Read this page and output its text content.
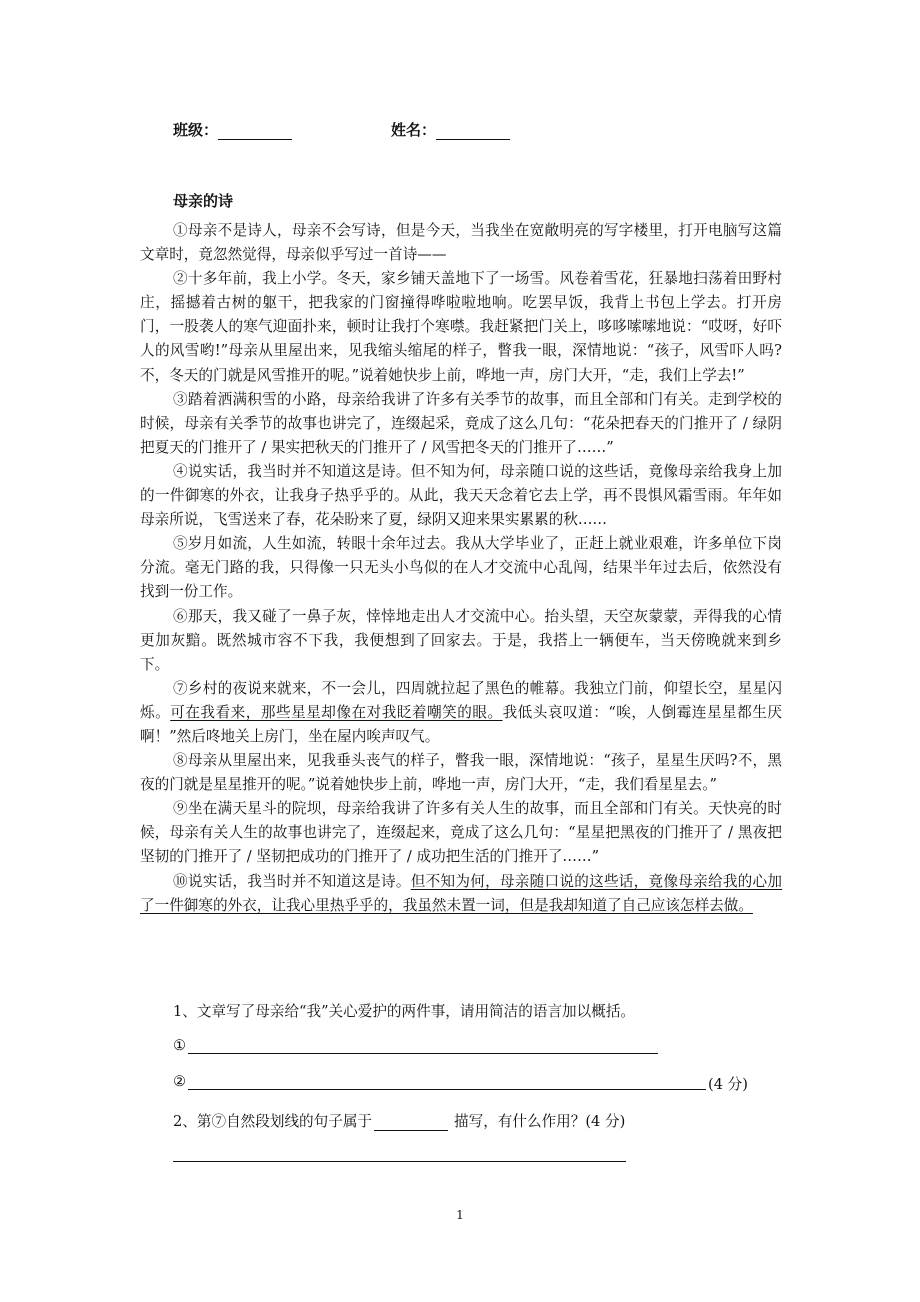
班级：	姓名：
母亲的诗

①母亲不是诗人，母亲不会写诗，但是今天，当我坐在宽敞明亮的写字楼里，打开电脑写这篇文章时，竟忽然觉得，母亲似乎写过一首诗——

②十多年前，我上小学。冬天，家乡铺天盖地下了一场雪。风卷着雪花，狂暴地扫荡着田野村庄，摇撼着古树的躯干，把我家的门窗撞得哗啦啦地响。吃罢早饭，我背上书包上学去。打开房门，一股袭人的寒气迎面扑来，顿时让我打个寒噤。我赶紧把门关上，哆哆嗦嗦地说：“哎呀，好吓人的风雪哟!”母亲从里屋出来，见我缩头缩尾的样子，瞥我一眼，深情地说：“孩子，风雪吓人吗?不，冬天的门就是风雪推开的呢。”说着她快步上前，哗地一声，房门大开，“走，我们上学去!”

③踏着洒满积雪的小路，母亲给我讲了许多有关季节的故事，而且全部和门有关。走到学校的时候，母亲有关季节的故事也讲完了，连缀起采，竟成了这么几句：“花朵把春天的门推开了 / 绿阴把夏天的门推开了 / 果实把秋天的门推开了 / 风雪把冬天的门推开了……”

④说实话，我当时并不知道这是诗。但不知为何，母亲随口说的这些话，竟像母亲给我身上加的一件御寒的外衣，让我身子热乎乎的。从此，我天天念着它去上学，再不畏惧风霜雪雨。年年如母亲所说，飞雪送来了春，花朵盼来了夏，绿阴又迎来果实累累的秋……

⑤岁月如流，人生如流，转眼十余年过去。我从大学毕业了，正赶上就业艰难，许多单位下岗分流。毫无门路的我，只得像一只无头小鸟似的在人才交流中心乱闯，结果半年过去后，依然没有找到一份工作。

⑥那天，我又碰了一鼻子灰，悻悻地走出人才交流中心。抬头望，天空灰蒙蒙，弄得我的心情更加灰黯。既然城市容不下我，我便想到了回家去。于是，我搭上一辆便车，当天傍晚就来到乡下。

⑦乡村的夜说来就来，不一会儿，四周就拉起了黑色的帷幕。我独立门前，仰望长空，星星闪烁。可在我看来，那些星星却像在对我眨着嘲笑的眼。我低头哀叹道：“唉，人倒霉连星星都生厌啊！”然后咚地关上房门，坐在屋内唉声叹气。

⑧母亲从里屋出来，见我垂头丧气的样子，瞥我一眼，深情地说：“孩子，星星生厌吗?不，黑夜的门就是星星推开的呢。”说着她快步上前，哗地一声，房门大开，“走，我们看星星去。”

⑨坐在满天星斗的院坝，母亲给我讲了许多有关人生的故事，而且全部和门有关。天快亮的时候，母亲有关人生的故事也讲完了，连缀起来，竟成了这么几句：“星星把黑夜的门推开了 / 黑夜把坚韧的门推开了 / 坚韧把成功的门推开了 / 成功把生活的门推开了……”

⑩说实话，我当时并不知道这是诗。但不知为何，母亲随口说的这些话，竟像母亲给我的心加了一件御寒的外衣，让我心里热乎乎的，我虽然未置一词，但是我却知道了自己应该怎样去做。

1、文章写了母亲给“我”关心爱护的两件事，请用简洁的语言加以概括。
①
②	(4 分)
2、第⑦自然段划线的句子属于	描写，有什么作用？(4 分)
1
